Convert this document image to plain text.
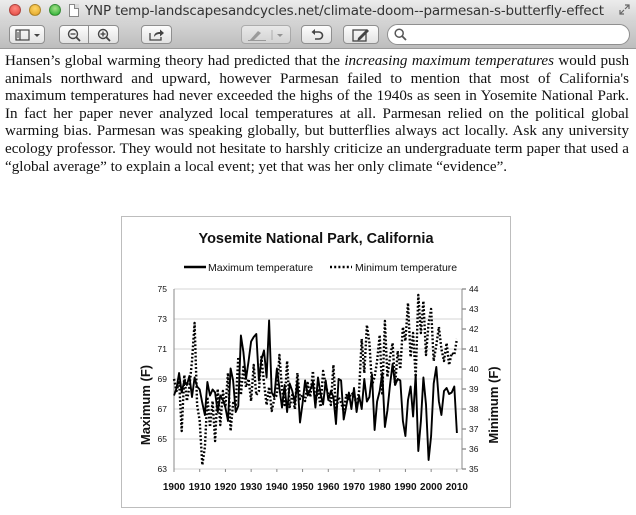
YNP temp-landscapesandcycles.net/climate-doom--parmesan-s-butterfly-effect

Hansen’s global warming theory had predicted that the increasing maximum temperatures would push animals northward and upward, however Parmesan failed to mention that most of California's maximum temperatures had never exceeded the highs of the 1940s as seen in Yosemite National Park. In fact her paper never analyzed local temperatures at all. Parmesan relied on the political global warming bias. Parmesan was speaking globally, but butterflies always act locally. Ask any university ecology professor. They would not hesitate to harshly criticize an undergraduate term paper that used a “global average” to explain a local event; yet that was her only climate “evidence”.

Yosemite National Park, California
Maximum temperature	Minimum temperature
Maximum (F)	Minimum (F)
63
65
67
69
71
73
75
35
36
37
38
39
40
41
42
43
44
1900 1910 1920 1930 1940 1950 1960 1970 1980 1990 2000 2010
